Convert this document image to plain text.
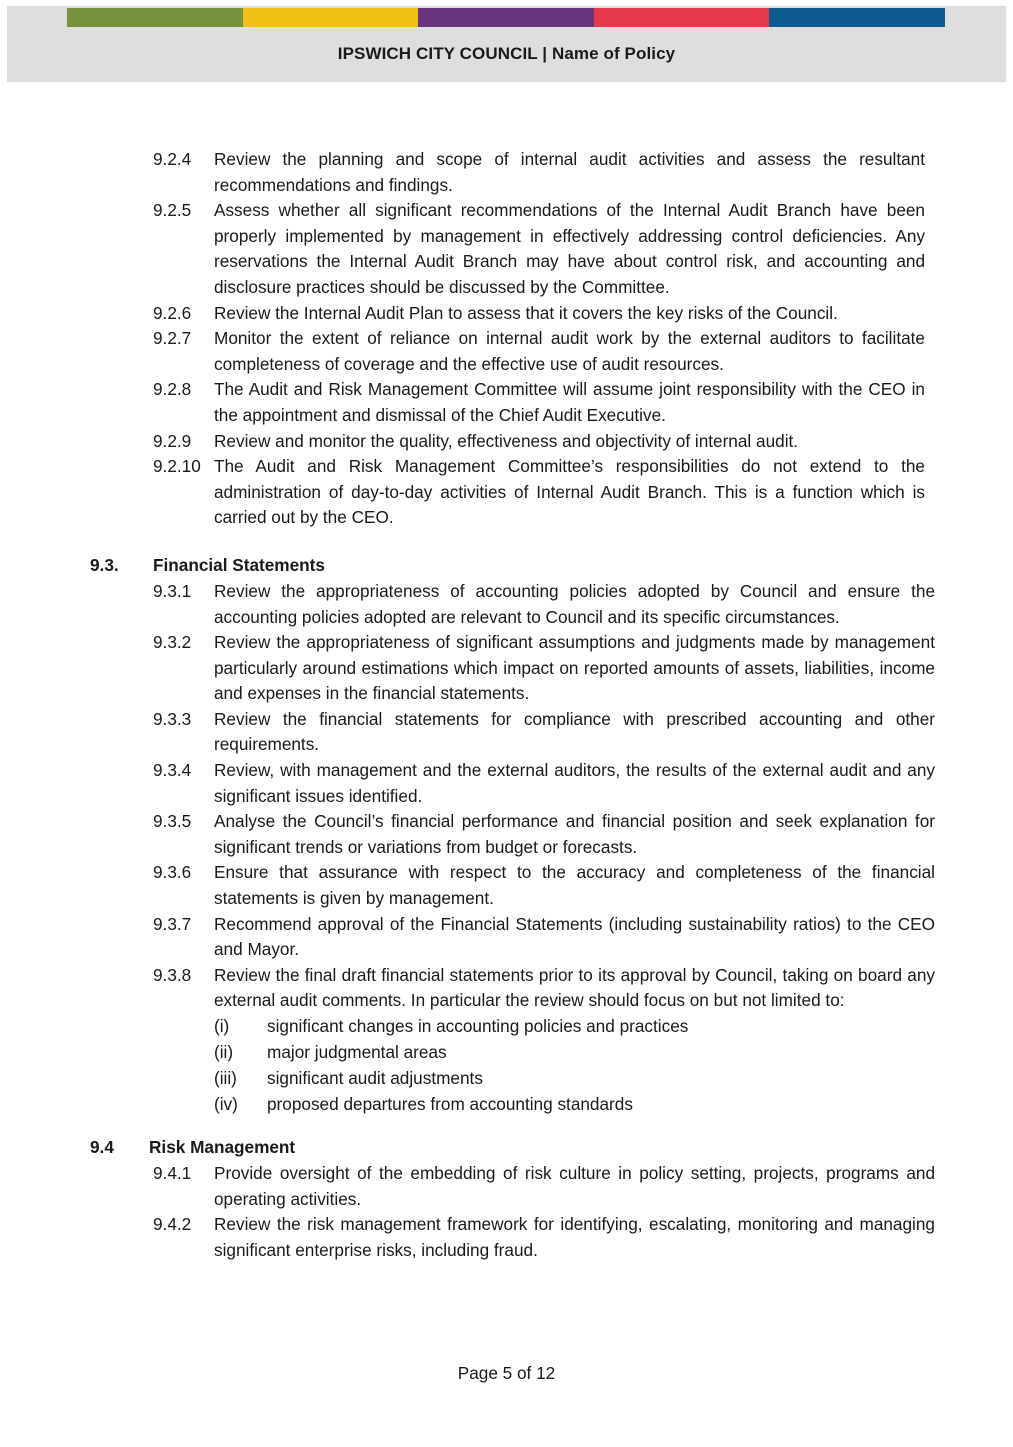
IPSWICH CITY COUNCIL | Name of Policy
9.2.4 Review the planning and scope of internal audit activities and assess the resultant recommendations and findings.
9.2.5 Assess whether all significant recommendations of the Internal Audit Branch have been properly implemented by management in effectively addressing control deficiencies. Any reservations the Internal Audit Branch may have about control risk, and accounting and disclosure practices should be discussed by the Committee.
9.2.6 Review the Internal Audit Plan to assess that it covers the key risks of the Council.
9.2.7 Monitor the extent of reliance on internal audit work by the external auditors to facilitate completeness of coverage and the effective use of audit resources.
9.2.8 The Audit and Risk Management Committee will assume joint responsibility with the CEO in the appointment and dismissal of the Chief Audit Executive.
9.2.9 Review and monitor the quality, effectiveness and objectivity of internal audit.
9.2.10 The Audit and Risk Management Committee’s responsibilities do not extend to the administration of day-to-day activities of Internal Audit Branch. This is a function which is carried out by the CEO.
9.3. Financial Statements
9.3.1 Review the appropriateness of accounting policies adopted by Council and ensure the accounting policies adopted are relevant to Council and its specific circumstances.
9.3.2 Review the appropriateness of significant assumptions and judgments made by management particularly around estimations which impact on reported amounts of assets, liabilities, income and expenses in the financial statements.
9.3.3 Review the financial statements for compliance with prescribed accounting and other requirements.
9.3.4 Review, with management and the external auditors, the results of the external audit and any significant issues identified.
9.3.5 Analyse the Council’s financial performance and financial position and seek explanation for significant trends or variations from budget or forecasts.
9.3.6 Ensure that assurance with respect to the accuracy and completeness of the financial statements is given by management.
9.3.7 Recommend approval of the Financial Statements (including sustainability ratios) to the CEO and Mayor.
9.3.8 Review the final draft financial statements prior to its approval by Council, taking on board any external audit comments. In particular the review should focus on but not limited to:
(i) significant changes in accounting policies and practices
(ii) major judgmental areas
(iii) significant audit adjustments
(iv) proposed departures from accounting standards
9.4 Risk Management
9.4.1 Provide oversight of the embedding of risk culture in policy setting, projects, programs and operating activities.
9.4.2 Review the risk management framework for identifying, escalating, monitoring and managing significant enterprise risks, including fraud.
Page 5 of 12
